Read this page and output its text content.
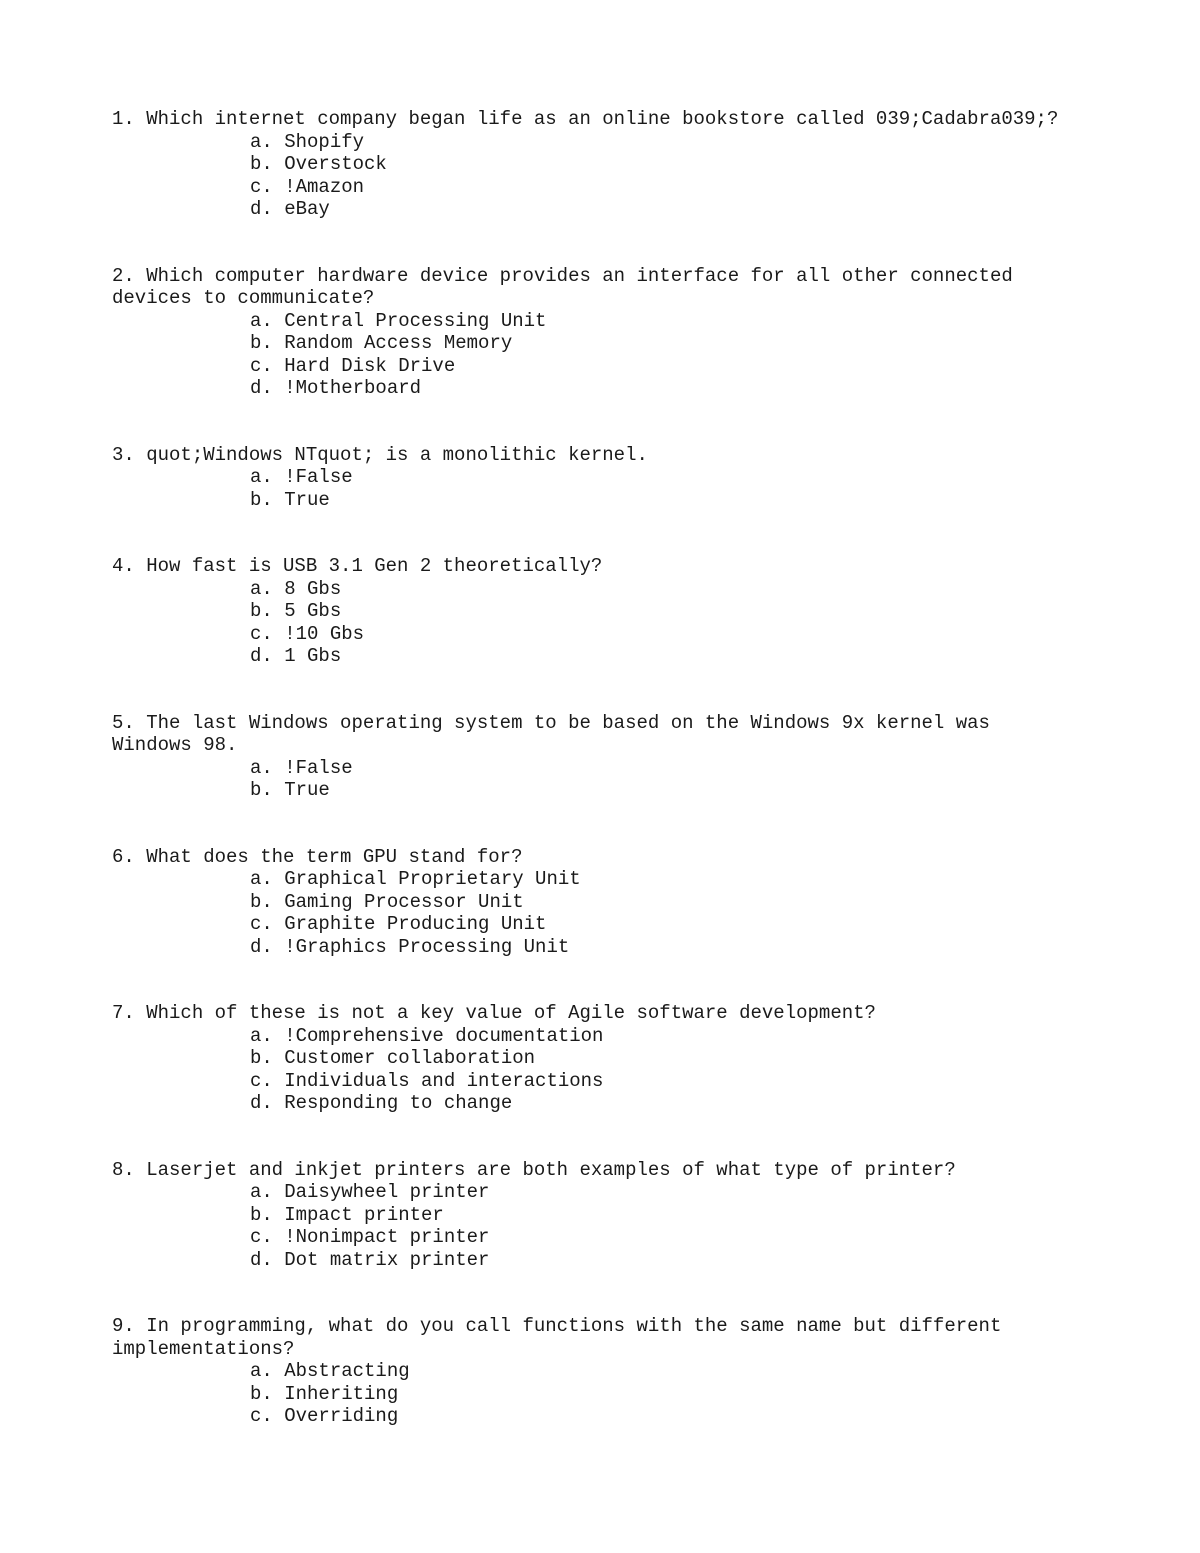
1. Which internet company began life as an online bookstore called 039;Cadabra039;?

a. Shopify
b. Overstock
c. !Amazon
d. eBay

2. Which computer hardware device provides an interface for all other connected devices to communicate?

a. Central Processing Unit
b. Random Access Memory
c. Hard Disk Drive
d. !Motherboard

3. quot;Windows NTquot; is a monolithic kernel.

a. !False
b. True

4. How fast is USB 3.1 Gen 2 theoretically?

a. 8 Gbs
b. 5 Gbs
c. !10 Gbs
d. 1 Gbs

5. The last Windows operating system to be based on the Windows 9x kernel was Windows 98.

a. !False
b. True

6. What does the term GPU stand for?

a. Graphical Proprietary Unit
b. Gaming Processor Unit
c. Graphite Producing Unit
d. !Graphics Processing Unit

7. Which of these is not a key value of Agile software development?

a. !Comprehensive documentation
b. Customer collaboration
c. Individuals and interactions
d. Responding to change

8. Laserjet and inkjet printers are both examples of what type of printer?

a. Daisywheel printer
b. Impact printer
c. !Nonimpact printer
d. Dot matrix printer

9. In programming, what do you call functions with the same name but different implementations?

a. Abstracting
b. Inheriting
c. Overriding
